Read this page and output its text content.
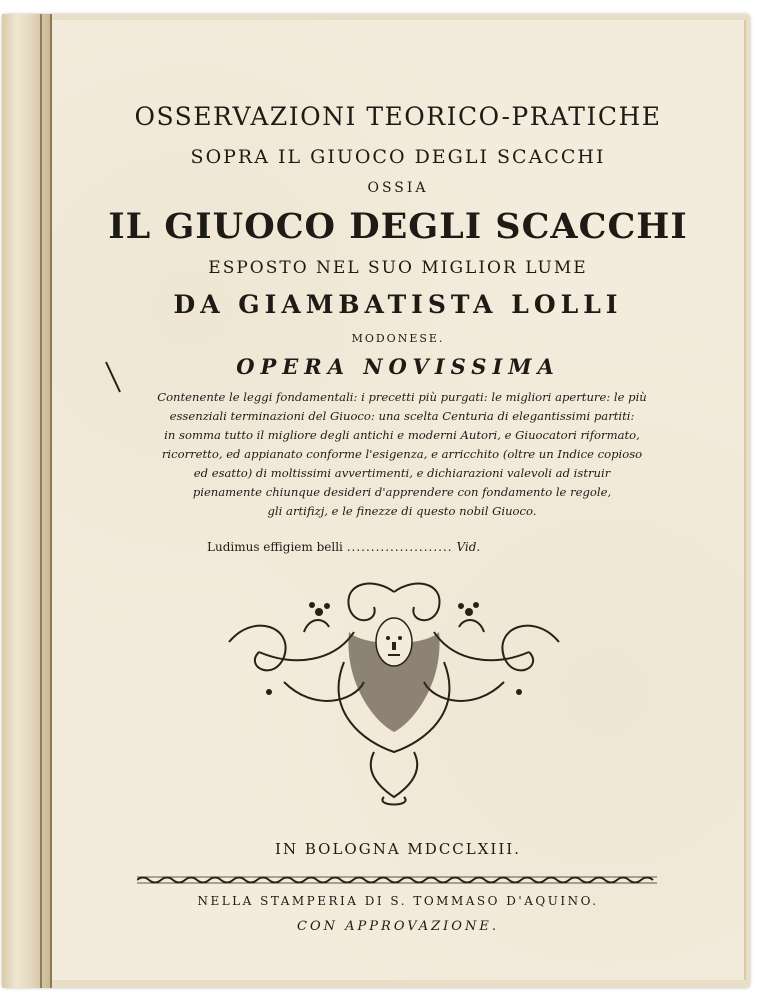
OSSERVAZIONI TEORICO-PRATICHE
SOPRA IL GIUOCO DEGLI SCACCHI
OSSIA
IL GIUOCO DEGLI SCACCHI
ESPOSTO NEL SUO MIGLIOR LUME
DA GIAMBATISTA LOLLI
MODONESE.
OPERA NOVISSIMA
Contenente le leggi fondamentali: i precetti più purgati: le migliori aperture: le più
essenziali terminazioni del Giuoco: una scelta Centuria di elegantissimi partiti:
in somma tutto il migliore degli antichi e moderni Autori, e Giuocatori riformato,
ricorretto, ed appianato conforme l'esigenza, e arricchito (oltre un Indice copioso
ed esatto) di moltissimi avvertimenti, e dichiarazioni valevoli ad istruir
pienamente chiunque desideri d'apprendere con fondamento le regole,
gli artifizj, e le finezze di questo nobil Giuoco.
Ludimus effigiem belli ...................... Vid.
IN BOLOGNA MDCCLXIII.
NELLA STAMPERIA DI S. TOMMASO D'AQUINO.
CON APPROVAZIONE.
